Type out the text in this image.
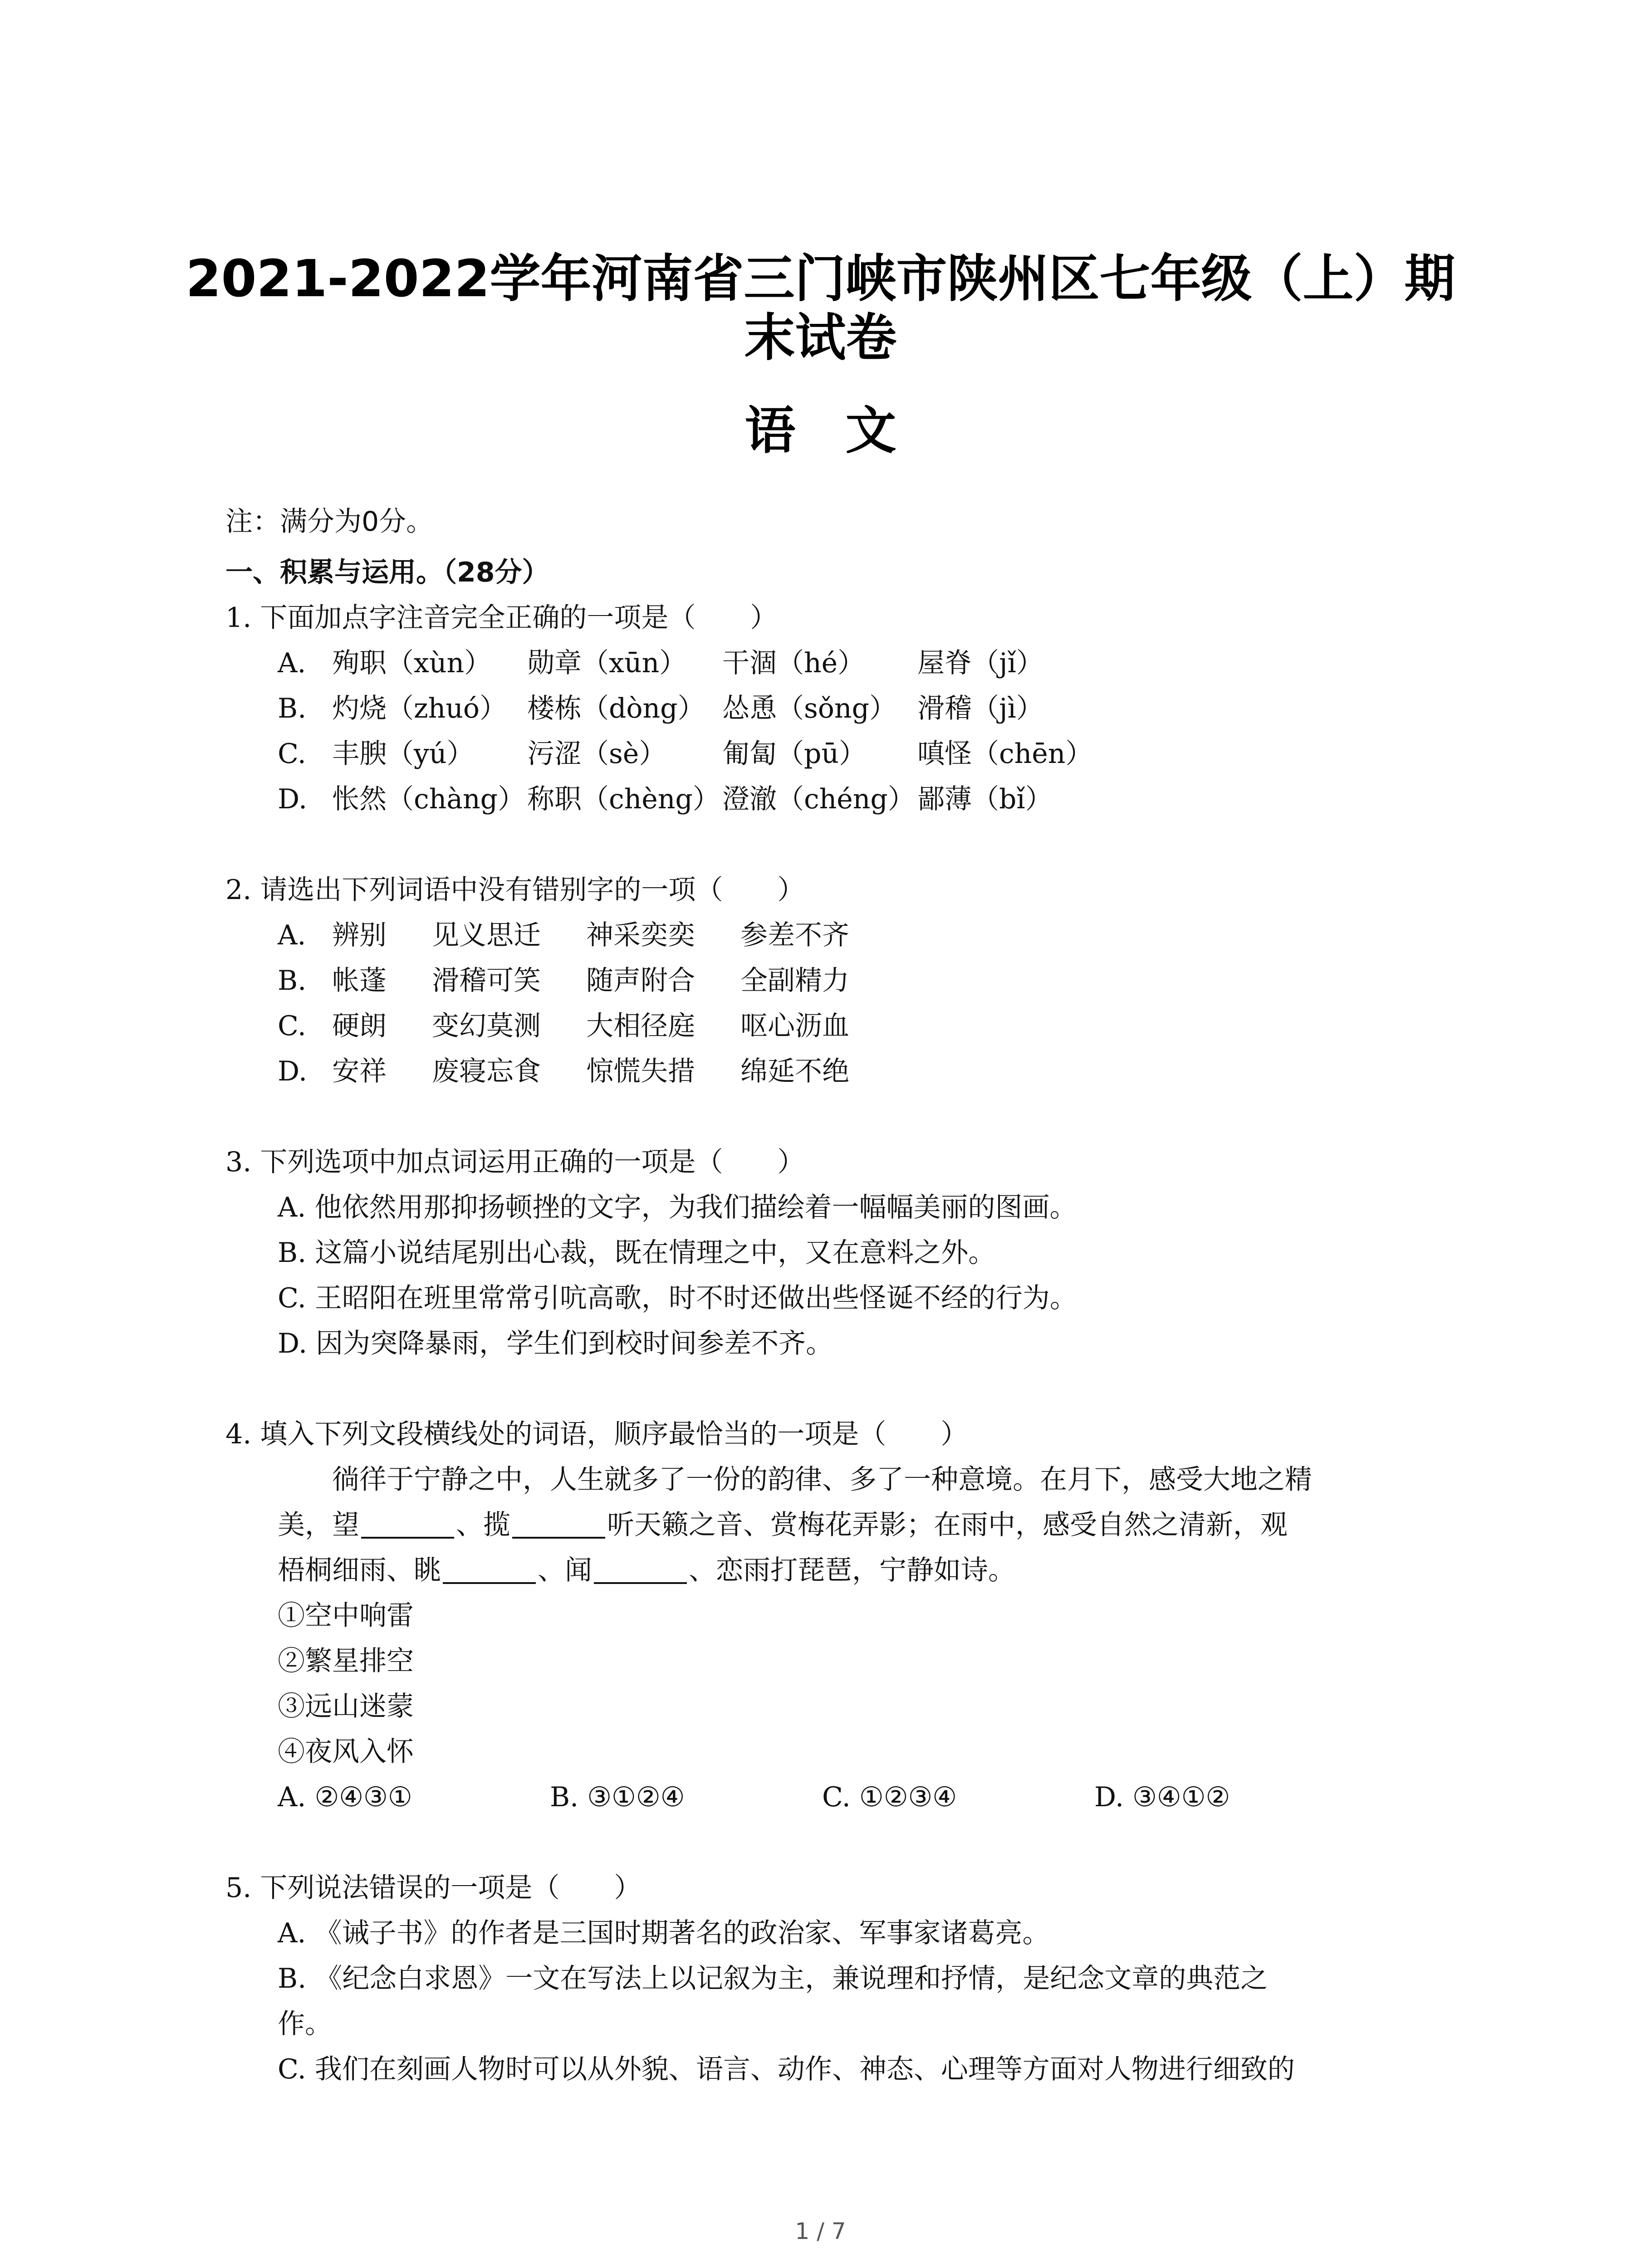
2021-2022学年河南省三门峡市陕州区七年级（上）期
末试卷
语文
注：满分为0分。
一、积累与运用。（28分）
1. 下面加点字注音完全正确的一项是（　　）
A. 殉职（xùn）	勋章（xūn）	干涸（hé）	屋脊（jǐ）
B. 灼烧（zhuó） 楼栋（dòng） 怂恿（sǒng） 滑稽（jì）
C. 丰腴（yú）	污涩（sè）	匍匐（pū）	嗔怪（chēn）
D. 怅然（chàng） 称职（chèng） 澄澈（chéng） 鄙薄（bǐ）
2. 请选出下列词语中没有错别字的一项（　　）
A. 辨别	见义思迁	神采奕奕	参差不齐
B. 帐蓬	滑稽可笑	随声附合	全副精力
C. 硬朗	变幻莫测	大相径庭	呕心沥血
D. 安祥	废寝忘食	惊慌失措	绵延不绝
3. 下列选项中加点词运用正确的一项是（　　）
A. 他依然用那抑扬顿挫的文字，为我们描绘着一幅幅美丽的图画。
B. 这篇小说结尾别出心裁，既在情理之中，又在意料之外。
C. 王昭阳在班里常常引吭高歌，时不时还做出些怪诞不经的行为。
D. 因为突降暴雨，学生们到校时间参差不齐。
4. 填入下列文段横线处的词语，顺序最恰当的一项是（　　）
徜徉于宁静之中，人生就多了一份的韵律、多了一种意境。在月下，感受大地之精
美，望	、揽	听天籁之音、赏梅花弄影；在雨中，感受自然之清新，观
梧桐细雨、眺	、闻	、恋雨打琵琶，宁静如诗。
①空中响雷
②繁星排空
③远山迷蒙
④夜风入怀
A. ②④③①	B. ③①②④	C. ①②③④	D. ③④①②
5. 下列说法错误的一项是（　　）
A. 《诫子书》的作者是三国时期著名的政治家、军事家诸葛亮。
B. 《纪念白求恩》一文在写法上以记叙为主，兼说理和抒情，是纪念文章的典范之
作。
C. 我们在刻画人物时可以从外貌、语言、动作、神态、心理等方面对人物进行细致的
1 / 7
